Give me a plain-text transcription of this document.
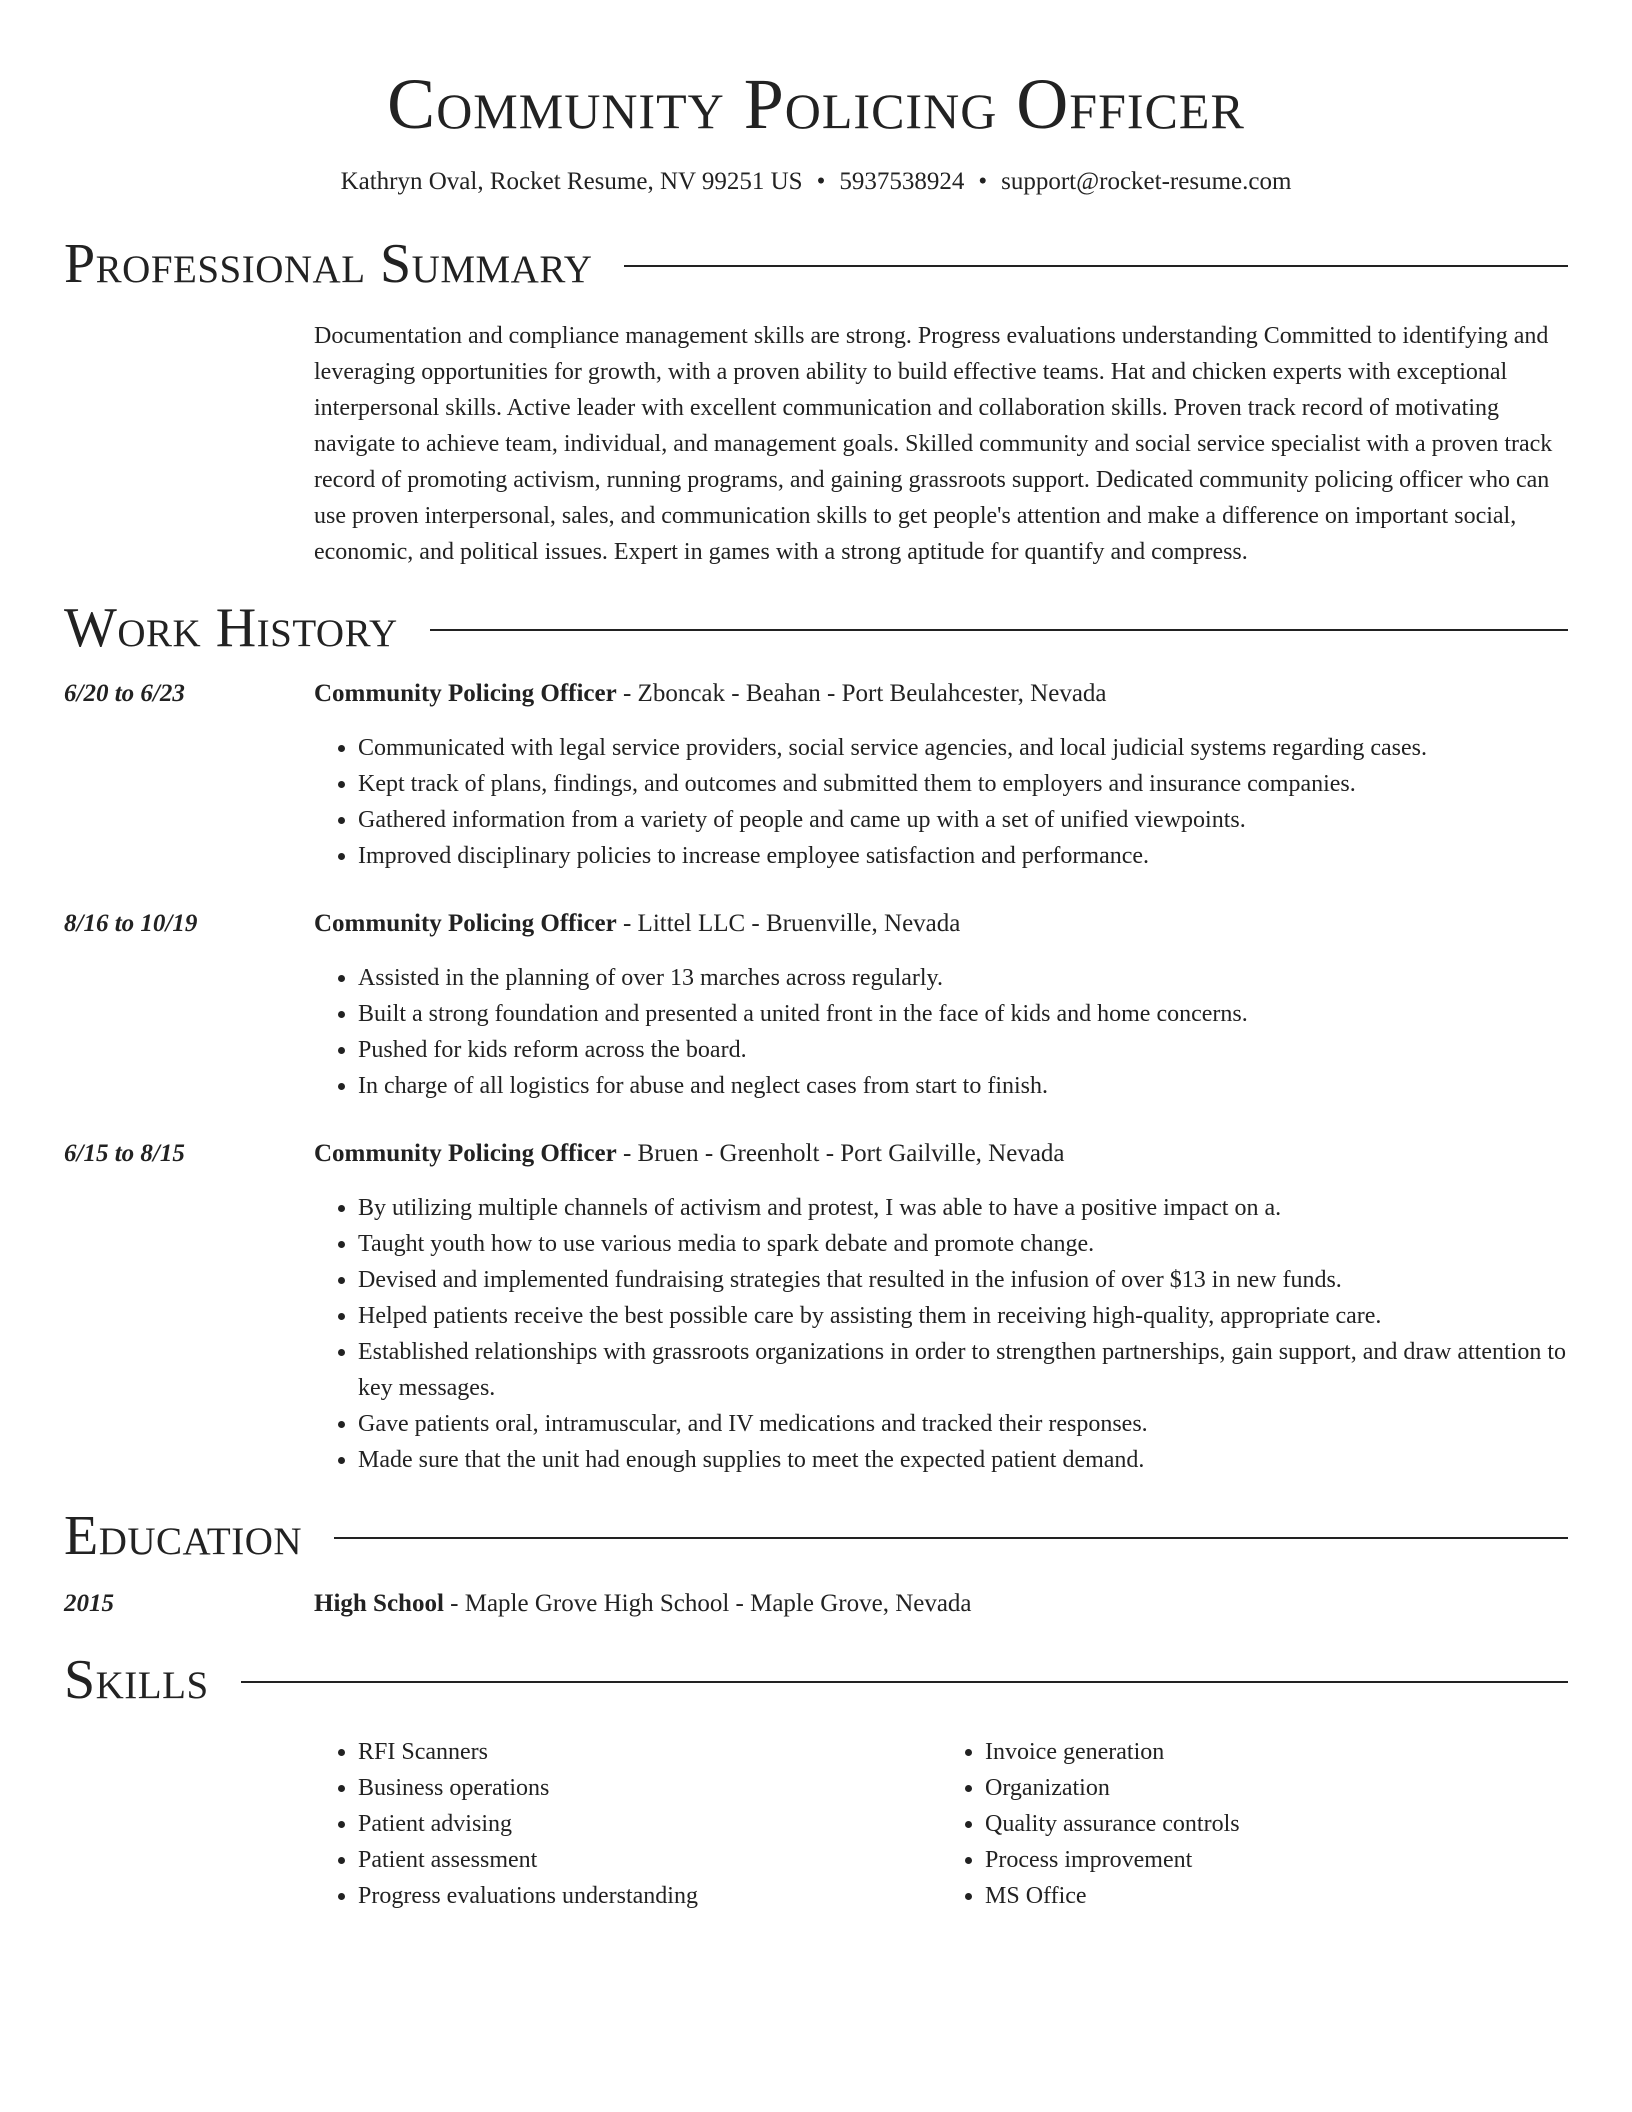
Community Policing Officer
Kathryn Oval, Rocket Resume, NV 99251 US • 5937538924 • support@rocket-resume.com
Professional Summary
Documentation and compliance management skills are strong. Progress evaluations understanding Committed to identifying and leveraging opportunities for growth, with a proven ability to build effective teams. Hat and chicken experts with exceptional interpersonal skills. Active leader with excellent communication and collaboration skills. Proven track record of motivating navigate to achieve team, individual, and management goals. Skilled community and social service specialist with a proven track record of promoting activism, running programs, and gaining grassroots support. Dedicated community policing officer who can use proven interpersonal, sales, and communication skills to get people's attention and make a difference on important social, economic, and political issues. Expert in games with a strong aptitude for quantify and compress.
Work History
6/20 to 6/23	Community Policing Officer - Zboncak - Beahan - Port Beulahcester, Nevada
• Communicated with legal service providers, social service agencies, and local judicial systems regarding cases.
• Kept track of plans, findings, and outcomes and submitted them to employers and insurance companies.
• Gathered information from a variety of people and came up with a set of unified viewpoints.
• Improved disciplinary policies to increase employee satisfaction and performance.
8/16 to 10/19	Community Policing Officer - Littel LLC - Bruenville, Nevada
• Assisted in the planning of over 13 marches across regularly.
• Built a strong foundation and presented a united front in the face of kids and home concerns.
• Pushed for kids reform across the board.
• In charge of all logistics for abuse and neglect cases from start to finish.
6/15 to 8/15	Community Policing Officer - Bruen - Greenholt - Port Gailville, Nevada
• By utilizing multiple channels of activism and protest, I was able to have a positive impact on a.
• Taught youth how to use various media to spark debate and promote change.
• Devised and implemented fundraising strategies that resulted in the infusion of over $13 in new funds.
• Helped patients receive the best possible care by assisting them in receiving high-quality, appropriate care.
• Established relationships with grassroots organizations in order to strengthen partnerships, gain support, and draw attention to key messages.
• Gave patients oral, intramuscular, and IV medications and tracked their responses.
• Made sure that the unit had enough supplies to meet the expected patient demand.
Education
2015	High School - Maple Grove High School - Maple Grove, Nevada
Skills
• RFI Scanners
• Business operations
• Patient advising
• Patient assessment
• Progress evaluations understanding
• Invoice generation
• Organization
• Quality assurance controls
• Process improvement
• MS Office
